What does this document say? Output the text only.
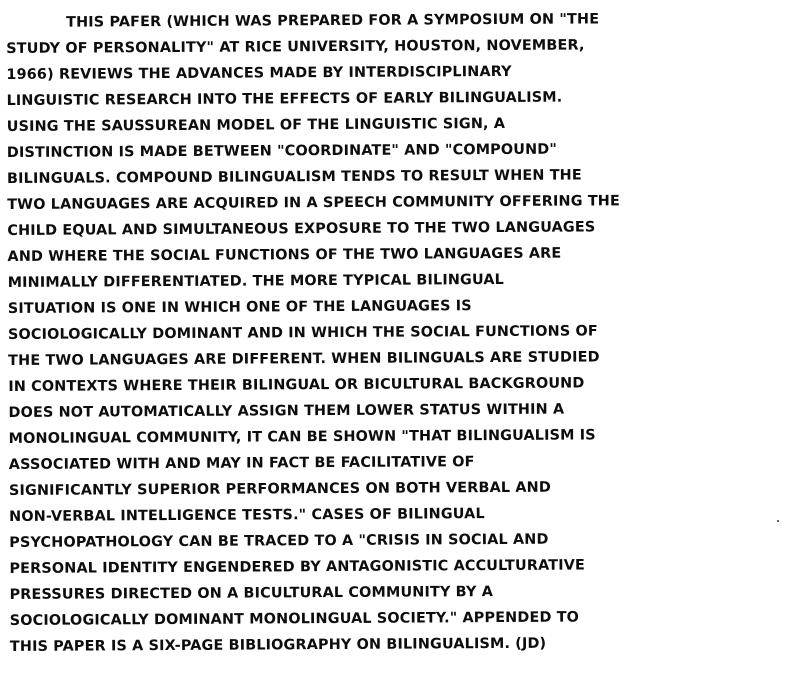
THIS PAFER (WHICH WAS PREPARED FOR A SYMPOSIUM ON "THE
STUDY OF PERSONALITY" AT RICE UNIVERSITY, HOUSTON, NOVEMBER,
1966) REVIEWS THE ADVANCES MADE BY INTERDISCIPLINARY
LINGUISTIC RESEARCH INTO THE EFFECTS OF EARLY BILINGUALISM.
USING THE SAUSSUREAN MODEL OF THE LINGUISTIC SIGN, A
DISTINCTION IS MADE BETWEEN "COORDINATE" AND "COMPOUND"
BILINGUALS. COMPOUND BILINGUALISM TENDS TO RESULT WHEN THE
TWO LANGUAGES ARE ACQUIRED IN A SPEECH COMMUNITY OFFERING THE
CHILD EQUAL AND SIMULTANEOUS EXPOSURE TO THE TWO LANGUAGES
AND WHERE THE SOCIAL FUNCTIONS OF THE TWO LANGUAGES ARE
MINIMALLY DIFFERENTIATED. THE MORE TYPICAL BILINGUAL
SITUATION IS ONE IN WHICH ONE OF THE LANGUAGES IS
SOCIOLOGICALLY DOMINANT AND IN WHICH THE SOCIAL FUNCTIONS OF
THE TWO LANGUAGES ARE DIFFERENT. WHEN BILINGUALS ARE STUDIED
IN CONTEXTS WHERE THEIR BILINGUAL OR BICULTURAL BACKGROUND
DOES NOT AUTOMATICALLY ASSIGN THEM LOWER STATUS WITHIN A
MONOLINGUAL COMMUNITY, IT CAN BE SHOWN "THAT BILINGUALISM IS
ASSOCIATED WITH AND MAY IN FACT BE FACILITATIVE OF
SIGNIFICANTLY SUPERIOR PERFORMANCES ON BOTH VERBAL AND
NON-VERBAL INTELLIGENCE TESTS." CASES OF BILINGUAL
PSYCHOPATHOLOGY CAN BE TRACED TO A "CRISIS IN SOCIAL AND
PERSONAL IDENTITY ENGENDERED BY ANTAGONISTIC ACCULTURATIVE
PRESSURES DIRECTED ON A BICULTURAL COMMUNITY BY A
SOCIOLOGICALLY DOMINANT MONOLINGUAL SOCIETY." APPENDED TO
THIS PAPER IS A SIX-PAGE BIBLIOGRAPHY ON BILINGUALISM. (JD)
